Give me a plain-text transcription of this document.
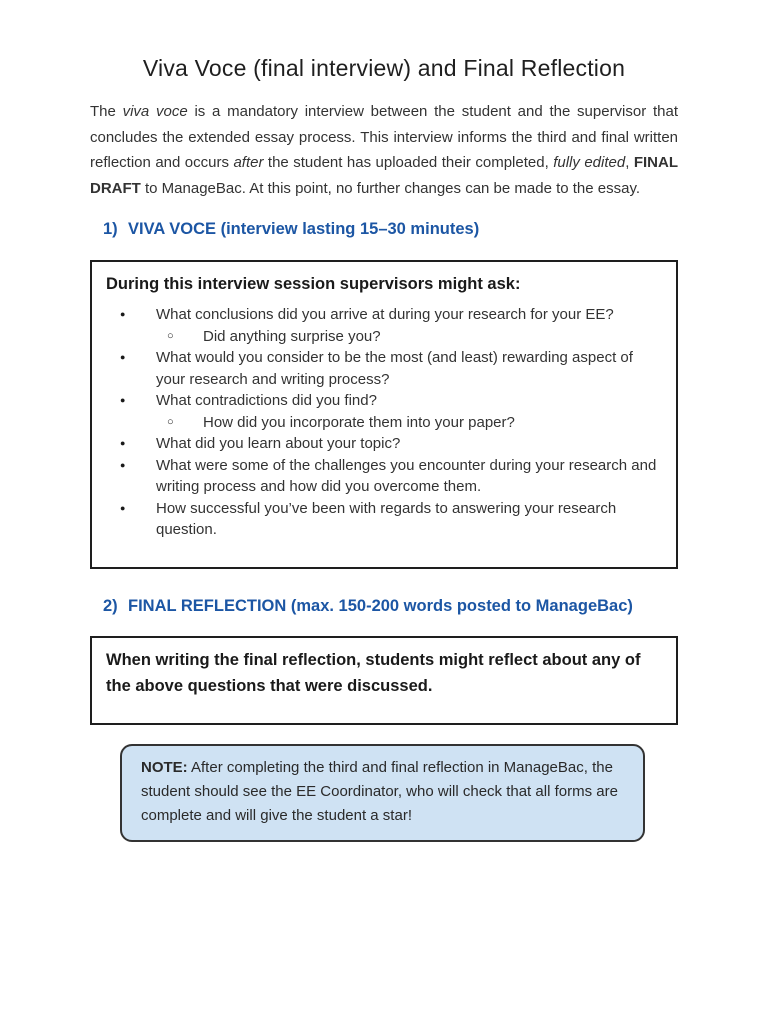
Viva Voce (final interview) and Final Reflection

The viva voce is a mandatory interview between the student and the supervisor that concludes the extended essay process. This interview informs the third and final written reflection and occurs after the student has uploaded their completed, fully edited, FINAL DRAFT to ManageBac. At this point, no further changes can be made to the essay.

1) VIVA VOCE (interview lasting 15–30 minutes)
During this interview session supervisors might ask:
● What conclusions did you arrive at during your research for your EE?
○ Did anything surprise you?
● What would you consider to be the most (and least) rewarding aspect of your research and writing process?
● What contradictions did you find?
○ How did you incorporate them into your paper?
● What did you learn about your topic?
● What were some of the challenges you encounter during your research and writing process and how did you overcome them.
● How successful you’ve been with regards to answering your research question.
2) FINAL REFLECTION (max. 150-200 words posted to ManageBac)
When writing the final reflection, students might reflect about any of the above questions that were discussed.
NOTE: After completing the third and final reflection in ManageBac, the student should see the EE Coordinator, who will check that all forms are complete and will give the student a star!
